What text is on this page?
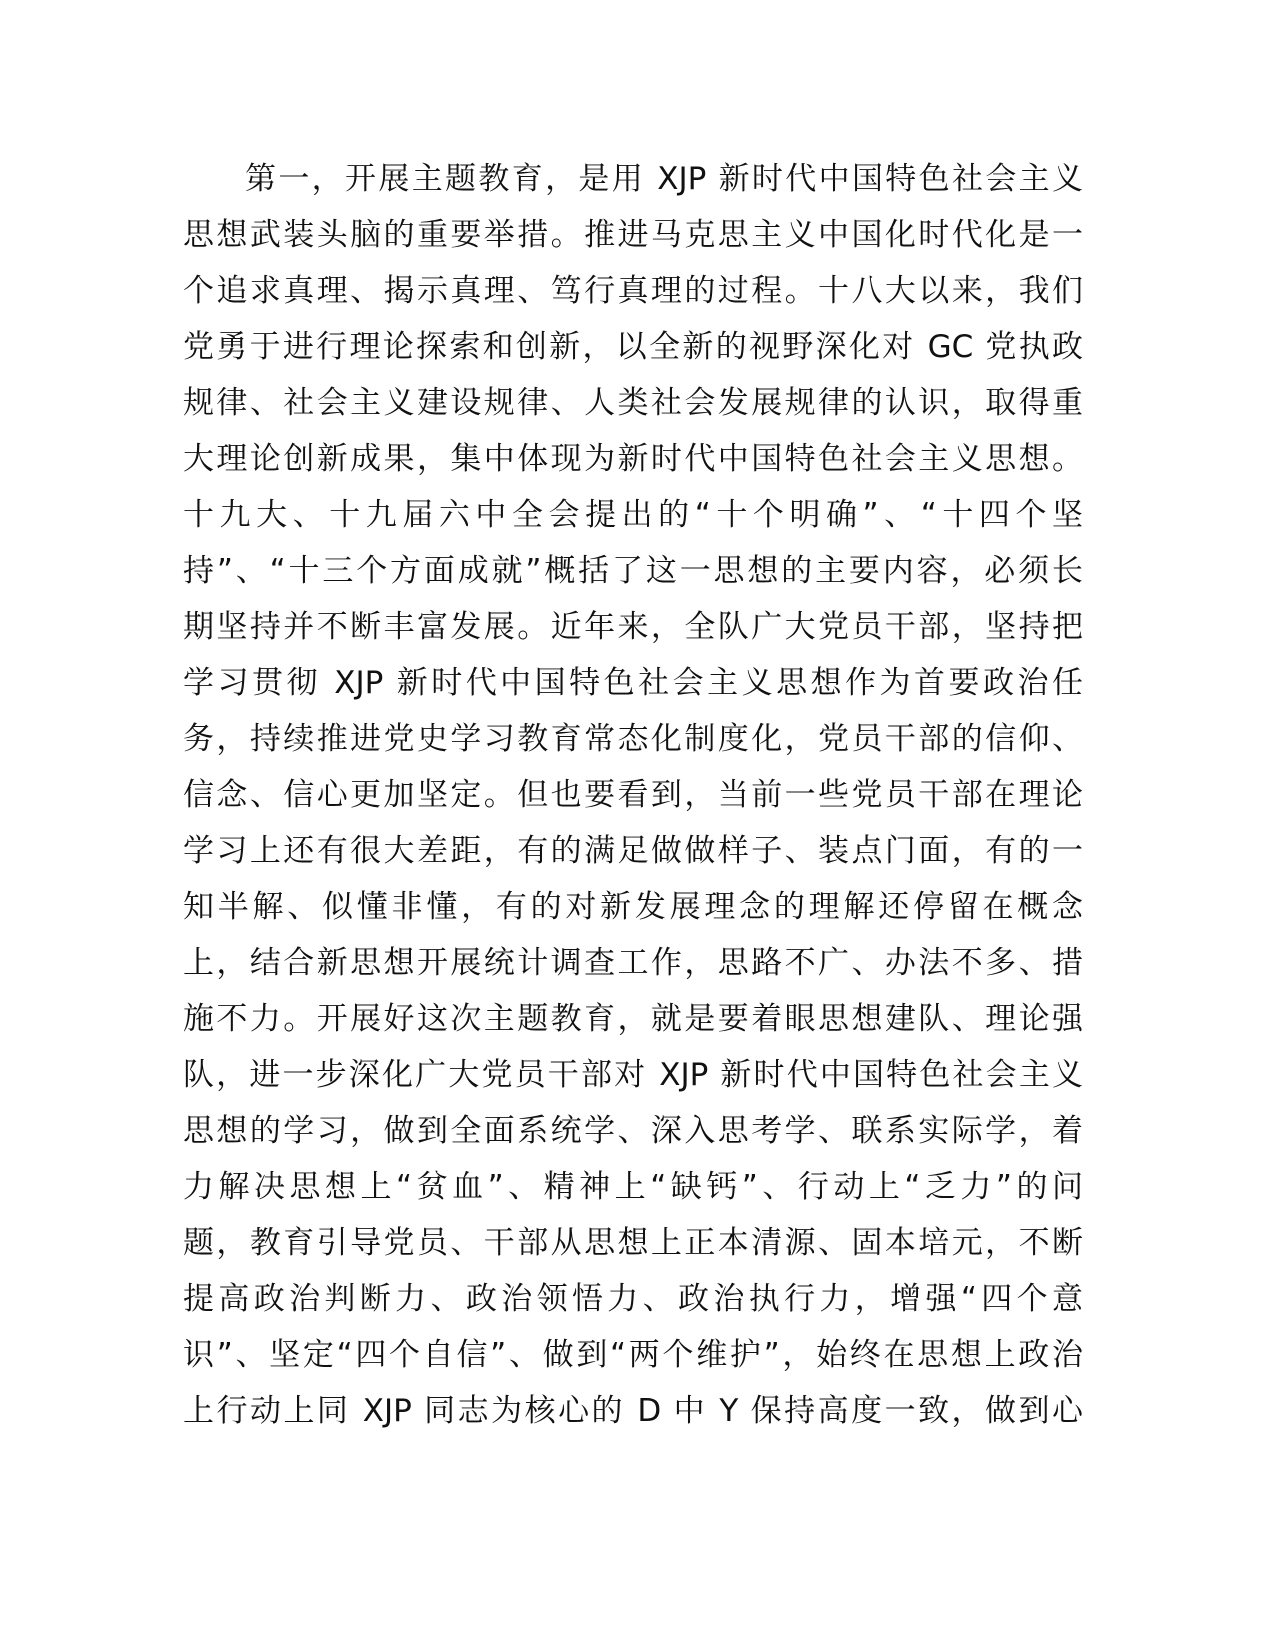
第一，开展主题教育，是用 XJP 新时代中国特色社会主义
思想武装头脑的重要举措。推进马克思主义中国化时代化是一
个追求真理、揭示真理、笃行真理的过程。十八大以来，我们
党勇于进行理论探索和创新，以全新的视野深化对 GC 党执政
规律、社会主义建设规律、人类社会发展规律的认识，取得重
大理论创新成果，集中体现为新时代中国特色社会主义思想。
十九大、十九届六中全会提出的“十个明确”、“十四个坚
持”、“十三个方面成就”概括了这一思想的主要内容，必须长
期坚持并不断丰富发展。近年来，全队广大党员干部，坚持把
学习贯彻 XJP 新时代中国特色社会主义思想作为首要政治任
务，持续推进党史学习教育常态化制度化，党员干部的信仰、
信念、信心更加坚定。但也要看到，当前一些党员干部在理论
学习上还有很大差距，有的满足做做样子、装点门面，有的一
知半解、似懂非懂，有的对新发展理念的理解还停留在概念
上，结合新思想开展统计调查工作，思路不广、办法不多、措
施不力。开展好这次主题教育，就是要着眼思想建队、理论强
队，进一步深化广大党员干部对 XJP 新时代中国特色社会主义
思想的学习，做到全面系统学、深入思考学、联系实际学，着
力解决思想上“贫血”、精神上“缺钙”、行动上“乏力”的问
题，教育引导党员、干部从思想上正本清源、固本培元，不断
提高政治判断力、政治领悟力、政治执行力，增强“四个意
识”、坚定“四个自信”、做到“两个维护”，始终在思想上政治
上行动上同 XJP 同志为核心的 D 中 Y 保持高度一致，做到心
